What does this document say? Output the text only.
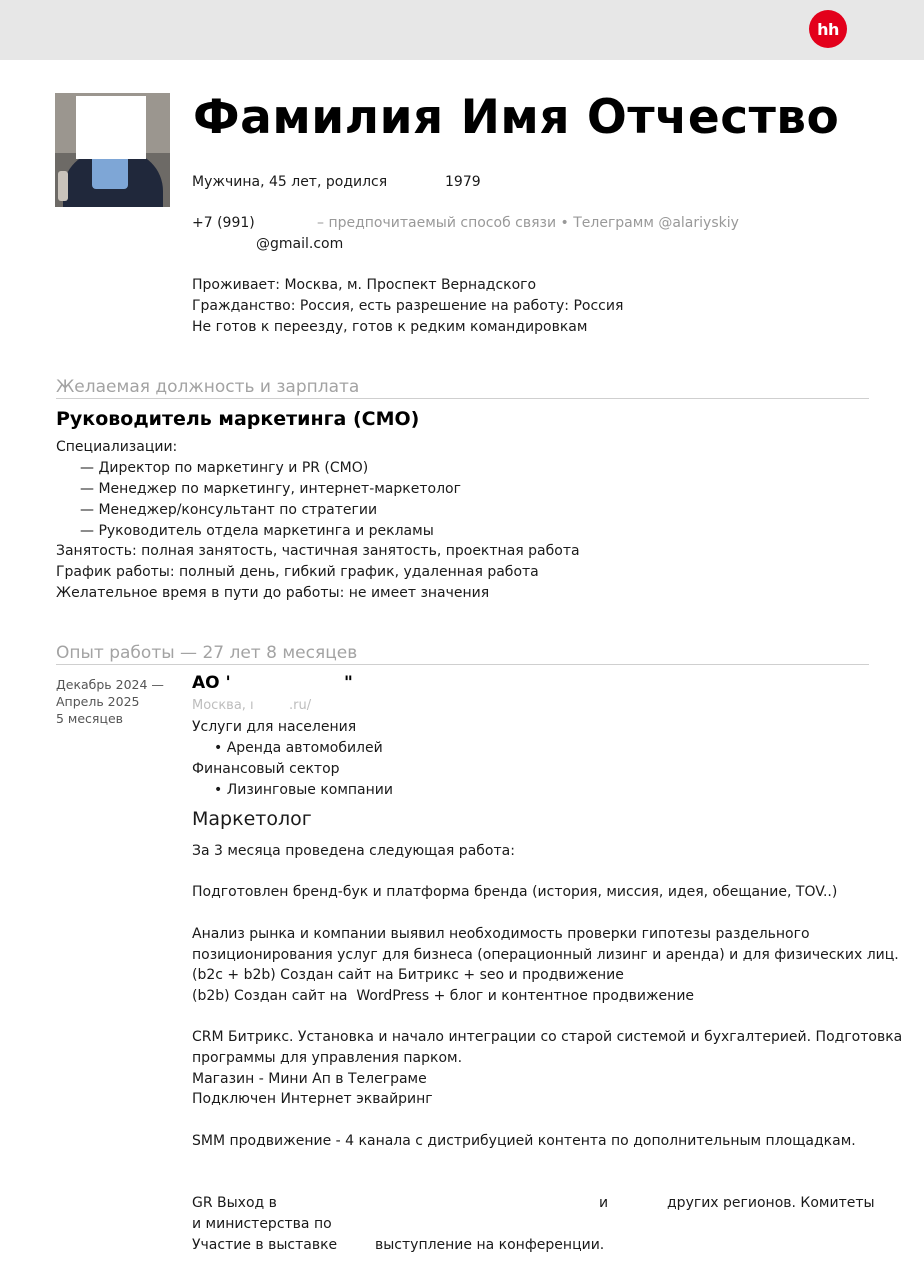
hh
Фамилия Имя Отчество
Мужчина, 45 лет, родился	1979
+7 (991)	– предпочитаемый способ связи • Телеграмм @alariyskiy
@gmail.com
Проживает: Москва, м. Проспект Вернадского
Гражданство: Россия, есть разрешение на работу: Россия
Не готов к переезду, готов к редким командировкам
Желаемая должность и зарплата
Руководитель маркетинга (CMO)
Специализации:
— Директор по маркетингу и PR (CMO)
— Менеджер по маркетингу, интернет-маркетолог
— Менеджер/консультант по стратегии
— Руководитель отдела маркетинга и рекламы
Занятость: полная занятость, частичная занятость, проектная работа
График работы: полный день, гибкий график, удаленная работа
Желательное время в пути до работы: не имеет значения
Опыт работы — 27 лет 8 месяцев
Декабрь 2024 —
Апрель 2025
5 месяцев
АО '	"
Москва, ı	.ru/
Услуги для населения
• Аренда автомобилей
Финансовый сектор
• Лизинговые компании
Маркетолог
За 3 месяца проведена следующая работа:

Подготовлен бренд-бук и платформа бренда (история, миссия, идея, обещание, TOV..)

Анализ рынка и компании выявил необходимость проверки гипотезы раздельного
позиционирования услуг для бизнеса (операционный лизинг и аренда) и для физических лиц.
(b2c + b2b) Создан сайт на Битрикс + seo и продвижение
(b2b) Создан сайт на  WordPress + блог и контентное продвижение

CRM Битрикс. Установка и начало интеграции со старой системой и бухгалтерией. Подготовка
программы для управления парком.
Магазин - Мини Ап в Телеграме
Подключен Интернет эквайринг

SMM продвижение - 4 канала с дистрибуцией контента по дополнительным площадкам.

GR Выход в	и	других регионов. Комитеты
и министерства по
Участие в выставке	выступление на конференции.
